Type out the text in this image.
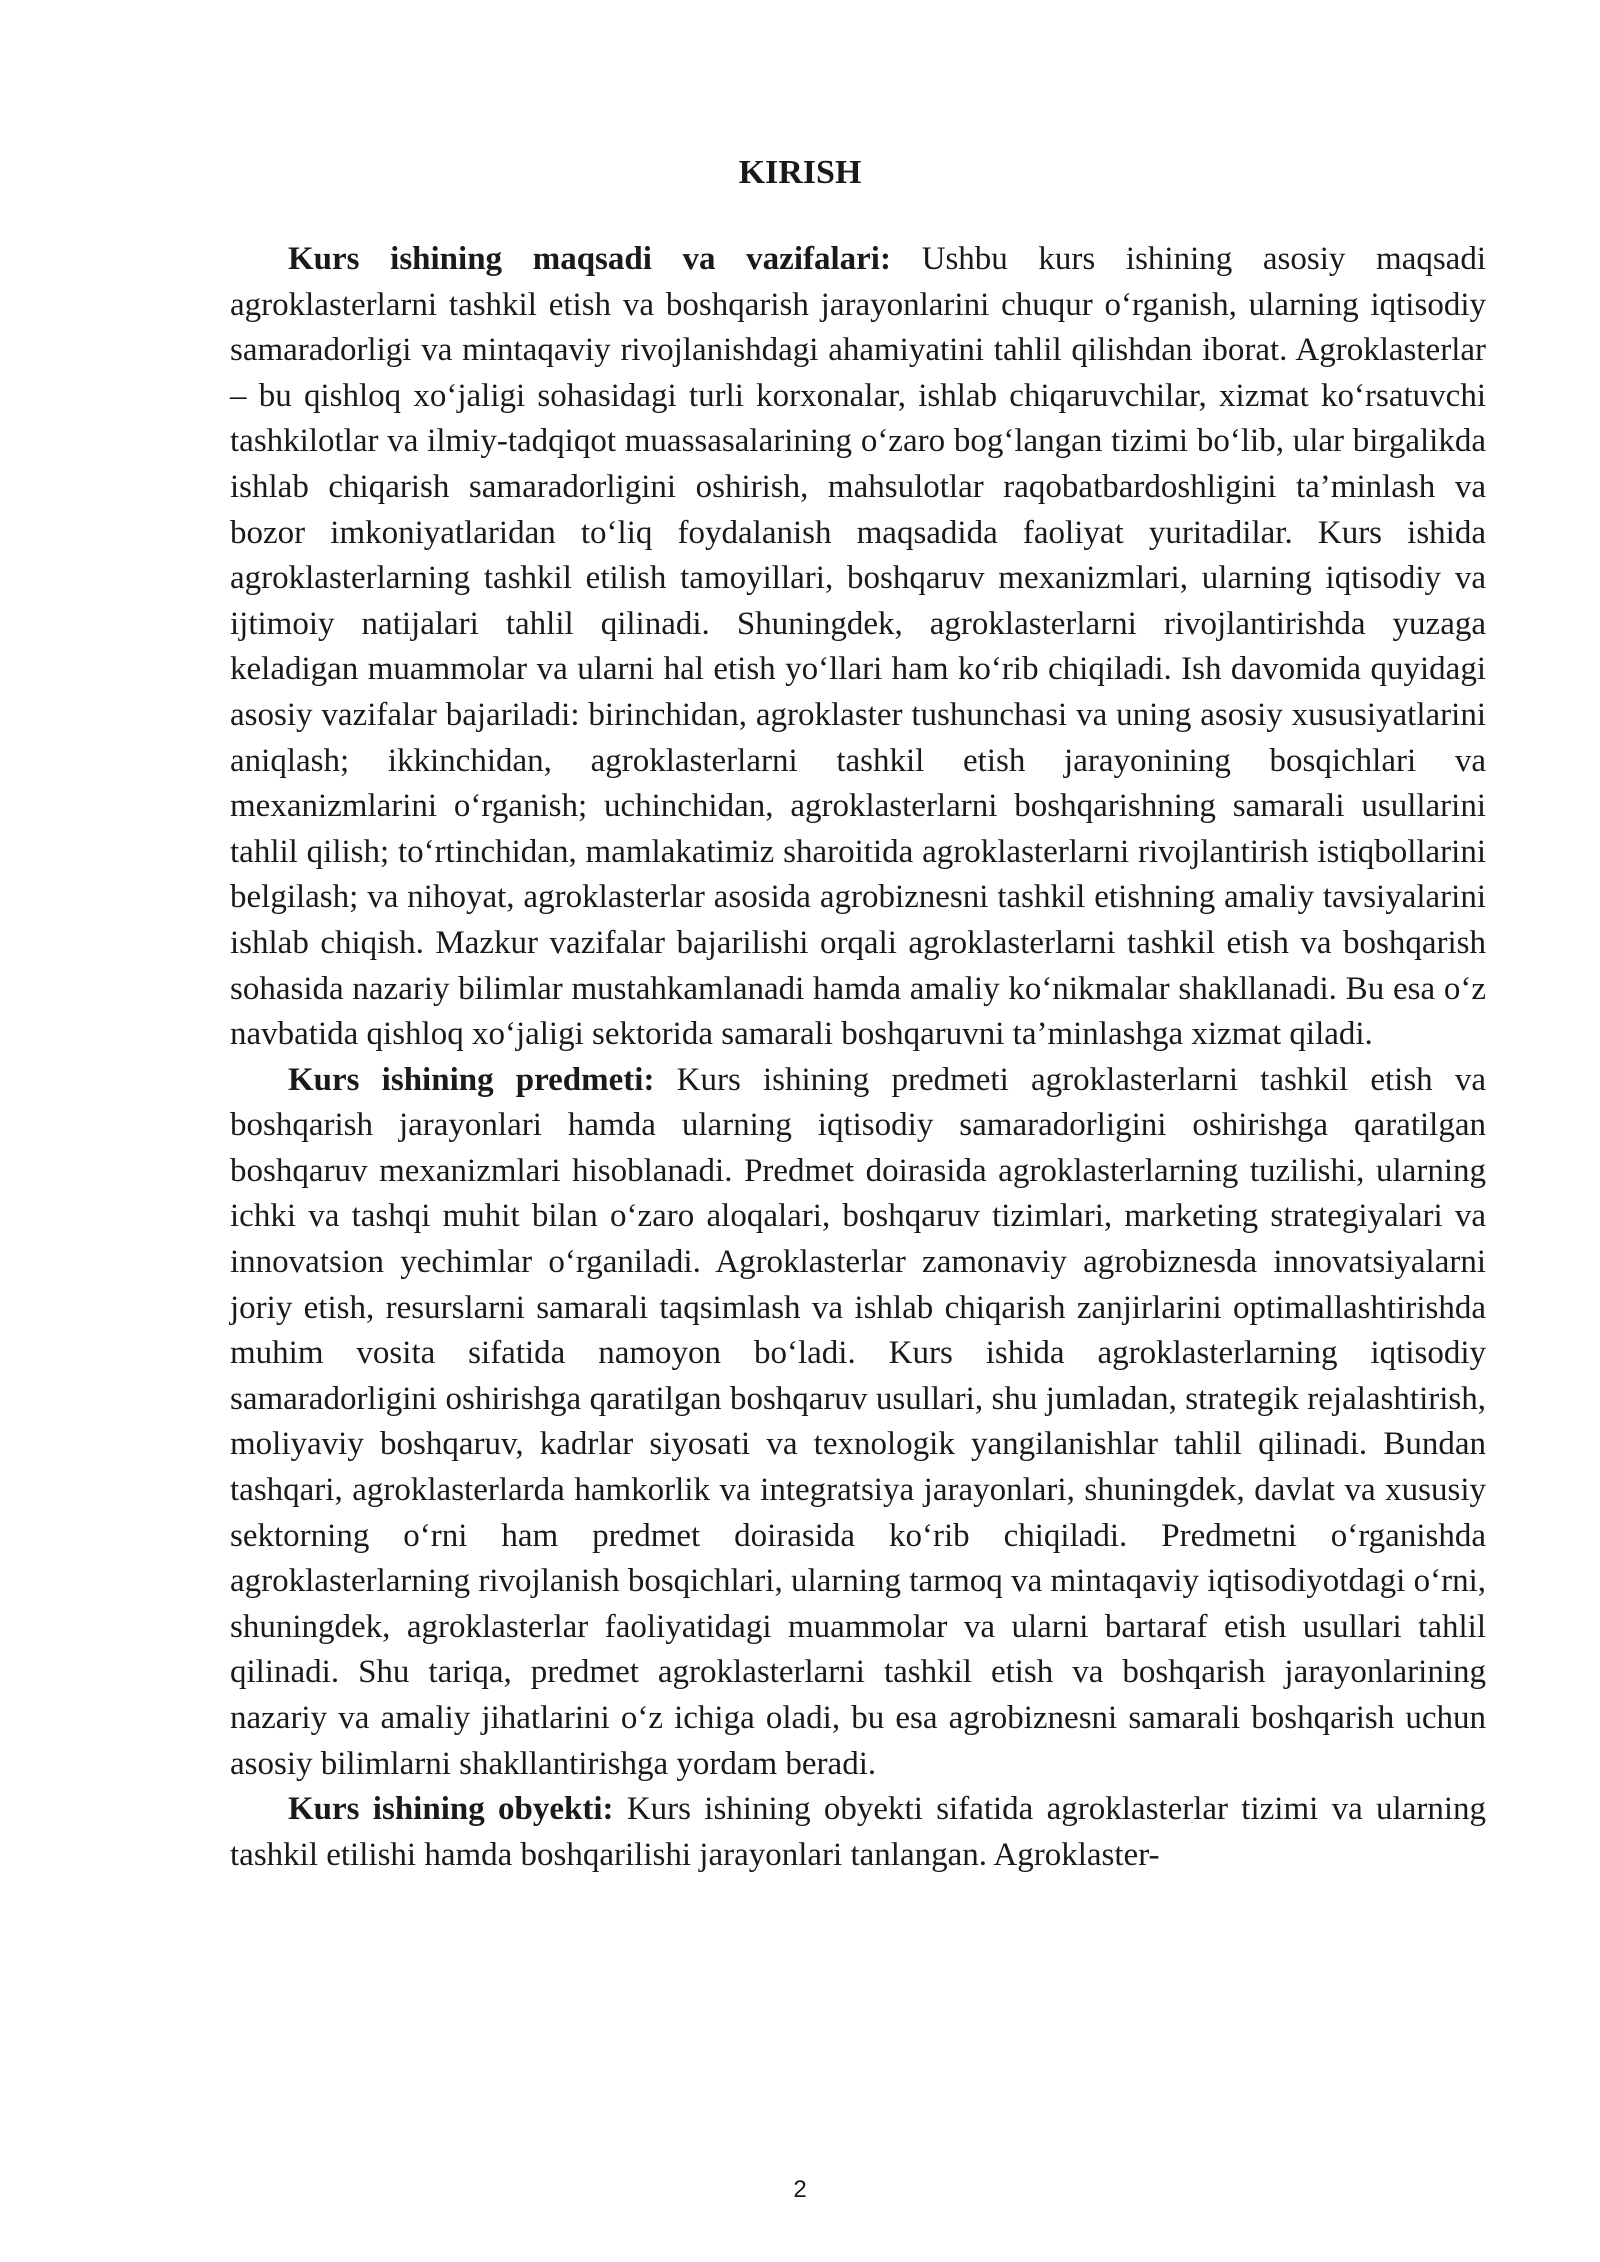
KIRISH

Kurs ishining maqsadi va vazifalari: Ushbu kurs ishining asosiy maqsadi agroklasterlarni tashkil etish va boshqarish jarayonlarini chuqur o‘rganish, ularning iqtisodiy samaradorligi va mintaqaviy rivojlanishdagi ahamiyatini tahlil qilishdan iborat. Agroklasterlar – bu qishloq xo‘jaligi sohasidagi turli korxonalar, ishlab chiqaruvchilar, xizmat ko‘rsatuvchi tashkilotlar va ilmiy-tadqiqot muassasalarining o‘zaro bog‘langan tizimi bo‘lib, ular birgalikda ishlab chiqarish samaradorligini oshirish, mahsulotlar raqobatbardoshligini ta’minlash va bozor imkoniyatlaridan to‘liq foydalanish maqsadida faoliyat yuritadilar. Kurs ishida agroklasterlarning tashkil etilish tamoyillari, boshqaruv mexanizmlari, ularning iqtisodiy va ijtimoiy natijalari tahlil qilinadi. Shuningdek, agroklasterlarni rivojlantirishda yuzaga keladigan muammolar va ularni hal etish yo‘llari ham ko‘rib chiqiladi. Ish davomida quyidagi asosiy vazifalar bajariladi: birinchidan, agroklaster tushunchasi va uning asosiy xususiyatlarini aniqlash; ikkinchidan, agroklasterlarni tashkil etish jarayonining bosqichlari va mexanizmlarini o‘rganish; uchinchidan, agroklasterlarni boshqarishning samarali usullarini tahlil qilish; to‘rtinchidan, mamlakatimiz sharoitida agroklasterlarni rivojlantirish istiqbollarini belgilash; va nihoyat, agroklasterlar asosida agrobiznesni tashkil etishning amaliy tavsiyalarini ishlab chiqish. Mazkur vazifalar bajarilishi orqali agroklasterlarni tashkil etish va boshqarish sohasida nazariy bilimlar mustahkamlanadi hamda amaliy ko‘nikmalar shakllanadi. Bu esa o‘z navbatida qishloq xo‘jaligi sektorida samarali boshqaruvni ta’minlashga xizmat qiladi.

Kurs ishining predmeti: Kurs ishining predmeti agroklasterlarni tashkil etish va boshqarish jarayonlari hamda ularning iqtisodiy samaradorligini oshirishga qaratilgan boshqaruv mexanizmlari hisoblanadi. Predmet doirasida agroklasterlarning tuzilishi, ularning ichki va tashqi muhit bilan o‘zaro aloqalari, boshqaruv tizimlari, marketing strategiyalari va innovatsion yechimlar o‘rganiladi. Agroklasterlar zamonaviy agrobiznesda innovatsiyalarni joriy etish, resurslarni samarali taqsimlash va ishlab chiqarish zanjirlarini optimallashtirishda muhim vosita sifatida namoyon bo‘ladi. Kurs ishida agroklasterlarning iqtisodiy samaradorligini oshirishga qaratilgan boshqaruv usullari, shu jumladan, strategik rejalashtirish, moliyaviy boshqaruv, kadrlar siyosati va texnologik yangilanishlar tahlil qilinadi. Bundan tashqari, agroklasterlarda hamkorlik va integratsiya jarayonlari, shuningdek, davlat va xususiy sektorning o‘rni ham predmet doirasida ko‘rib chiqiladi. Predmetni o‘rganishda agroklasterlarning rivojlanish bosqichlari, ularning tarmoq va mintaqaviy iqtisodiyotdagi o‘rni, shuningdek, agroklasterlar faoliyatidagi muammolar va ularni bartaraf etish usullari tahlil qilinadi. Shu tariqa, predmet agroklasterlarni tashkil etish va boshqarish jarayonlarining nazariy va amaliy jihatlarini o‘z ichiga oladi, bu esa agrobiznesni samarali boshqarish uchun asosiy bilimlarni shakllantirishga yordam beradi.

Kurs ishining obyekti: Kurs ishining obyekti sifatida agroklasterlar tizimi va ularning tashkil etilishi hamda boshqarilishi jarayonlari tanlangan. Agroklaster-

2
